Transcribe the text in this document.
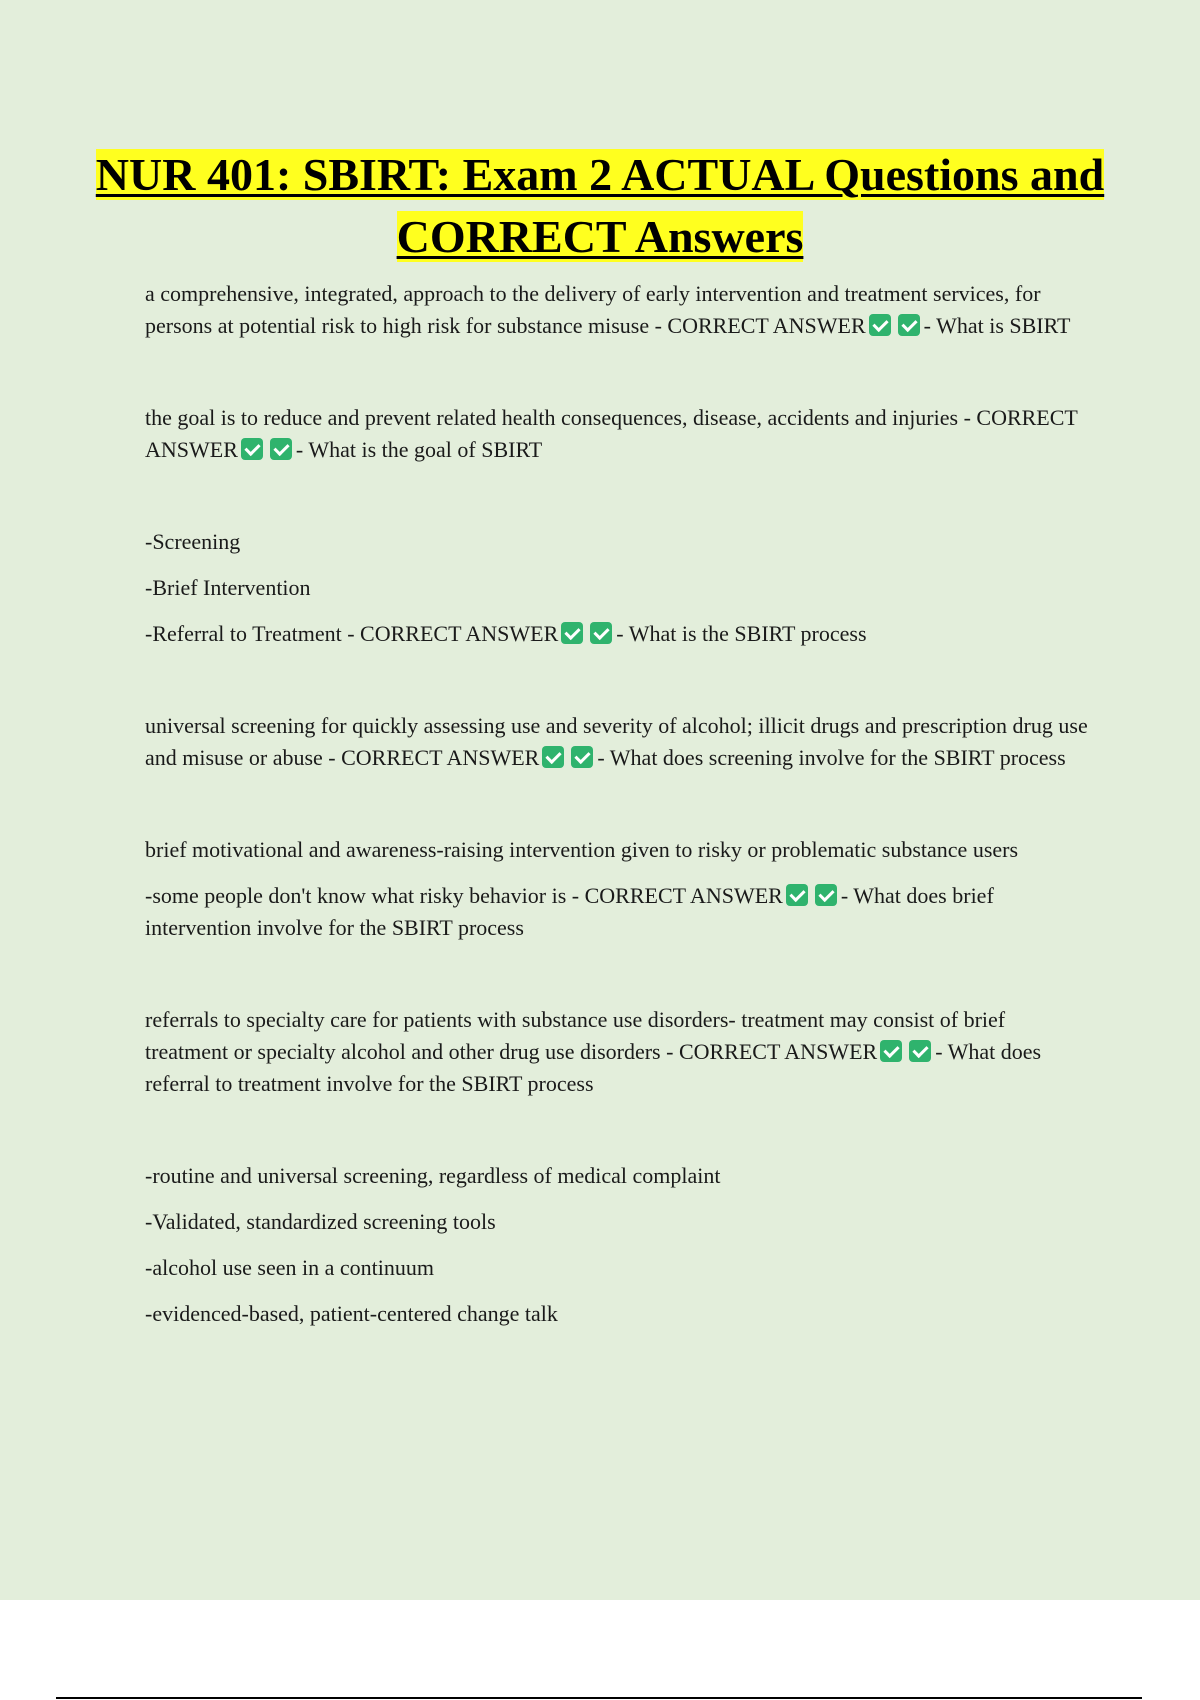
NUR 401: SBIRT: Exam 2 ACTUAL Questions and CORRECT Answers

a comprehensive, integrated, approach to the delivery of early intervention and treatment services, for persons at potential risk to high risk for substance misuse - CORRECT ANSWER	- What is SBIRT

the goal is to reduce and prevent related health consequences, disease, accidents and injuries - CORRECT ANSWER	- What is the goal of SBIRT

-Screening

-Brief Intervention

-Referral to Treatment - CORRECT ANSWER	- What is the SBIRT process

universal screening for quickly assessing use and severity of alcohol; illicit drugs and prescription drug use and misuse or abuse - CORRECT ANSWER	- What does screening involve for the SBIRT process

brief motivational and awareness-raising intervention given to risky or problematic substance users

-some people don't know what risky behavior is - CORRECT ANSWER	- What does brief intervention involve for the SBIRT process

referrals to specialty care for patients with substance use disorders- treatment may consist of brief treatment or specialty alcohol and other drug use disorders - CORRECT ANSWER	- What does referral to treatment involve for the SBIRT process

-routine and universal screening, regardless of medical complaint

-Validated, standardized screening tools

-alcohol use seen in a continuum

-evidenced-based, patient-centered change talk
